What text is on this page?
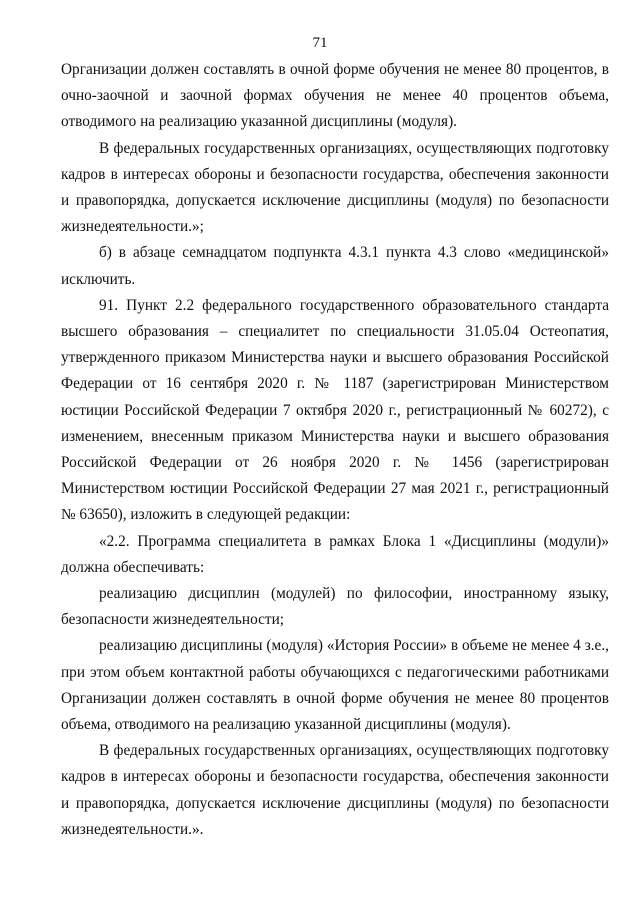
71

Организации должен составлять в очной форме обучения не менее 80 процентов, в очно-заочной и заочной формах обучения не менее 40 процентов объема, отводимого на реализацию указанной дисциплины (модуля).

В федеральных государственных организациях, осуществляющих подготовку кадров в интересах обороны и безопасности государства, обеспечения законности и правопорядка, допускается исключение дисциплины (модуля) по безопасности жизнедеятельности.»;

б) в абзаце семнадцатом подпункта 4.3.1 пункта 4.3 слово «медицинской» исключить.

91. Пункт 2.2 федерального государственного образовательного стандарта высшего образования – специалитет по специальности 31.05.04 Остеопатия, утвержденного приказом Министерства науки и высшего образования Российской Федерации от 16 сентября 2020 г. № 1187 (зарегистрирован Министерством юстиции Российской Федерации 7 октября 2020 г., регистрационный № 60272), с изменением, внесенным приказом Министерства науки и высшего образования Российской Федерации от 26 ноября 2020 г. № 1456 (зарегистрирован Министерством юстиции Российской Федерации 27 мая 2021 г., регистрационный № 63650), изложить в следующей редакции:

«2.2. Программа специалитета в рамках Блока 1 «Дисциплины (модули)» должна обеспечивать:

реализацию дисциплин (модулей) по философии, иностранному языку, безопасности жизнедеятельности;

реализацию дисциплины (модуля) «История России» в объеме не менее 4 з.е., при этом объем контактной работы обучающихся с педагогическими работниками Организации должен составлять в очной форме обучения не менее 80 процентов объема, отводимого на реализацию указанной дисциплины (модуля).

В федеральных государственных организациях, осуществляющих подготовку кадров в интересах обороны и безопасности государства, обеспечения законности и правопорядка, допускается исключение дисциплины (модуля) по безопасности жизнедеятельности.».
